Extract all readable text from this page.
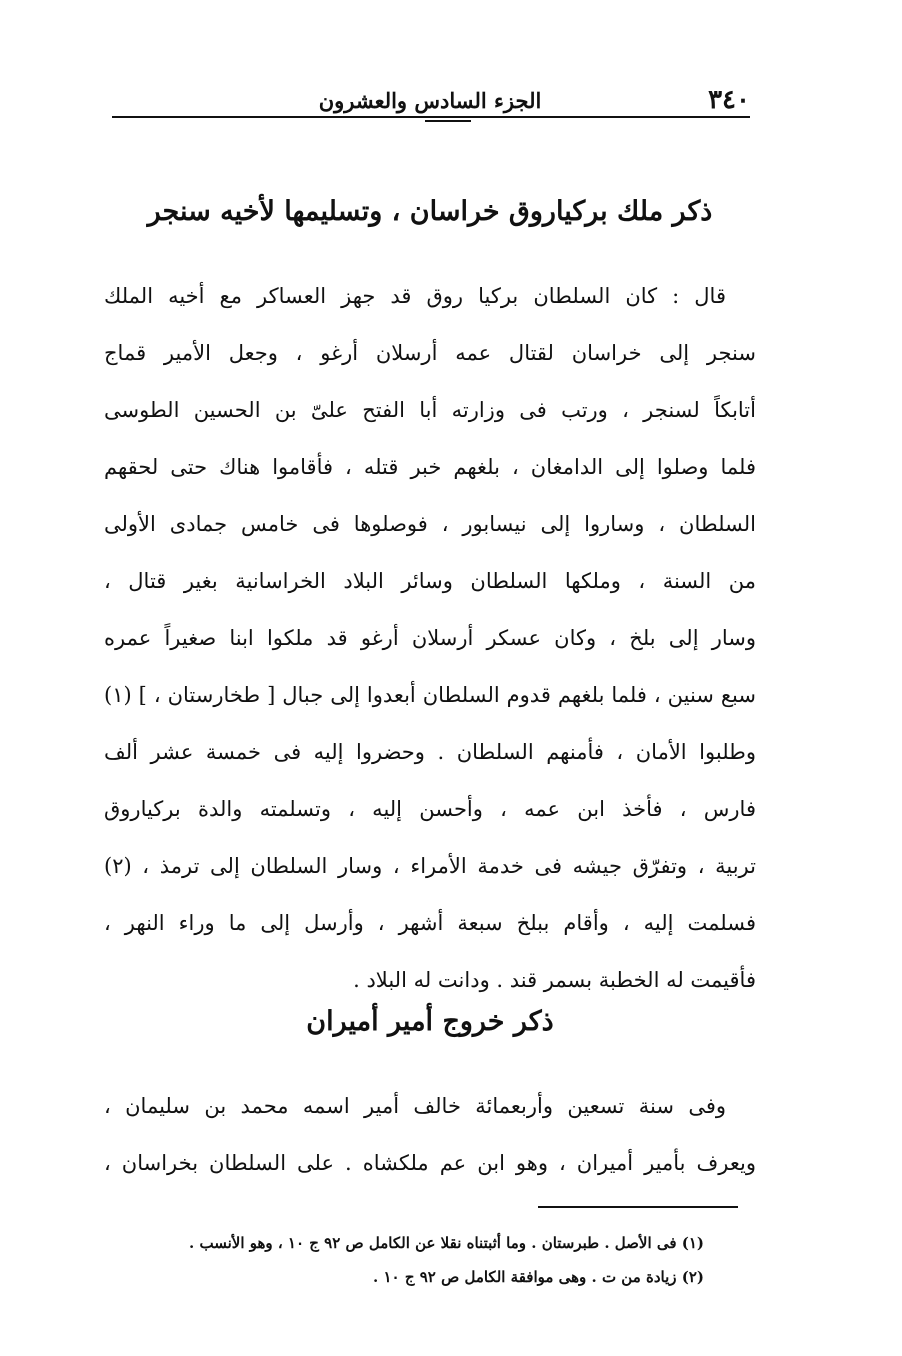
٣٤٠
الجزء السادس والعشرون
ذكر ملك بركياروق خراسان ، وتسليمها لأخيه سنجر
قال : كان السلطان بركيا روق قد جهز العساكر مع أخيه الملك
سنجر إلى خراسان لقتال عمه أرسلان أرغو ، وجعل الأمير قماج
أتابكاً لسنجر ، ورتب فى وزارته أبا الفتح علىّ بن الحسين الطوسى
فلما وصلوا إلى الدامغان ، بلغهم خبر قتله ، فأقاموا هناك حتى لحقهم
السلطان ، وساروا إلى نيسابور ، فوصلوها فى خامس جمادى الأولى
من السنة ، وملكها السلطان وسائر البلاد الخراسانية بغير قتال ،
وسار إلى بلخ ، وكان عسكر أرسلان أرغو قد ملكوا ابنا صغيراً عمره
سبع سنين ، فلما بلغهم قدوم السلطان أبعدوا إلى جبال [ طخارستان ، ] (١)
وطلبوا الأمان ، فأمنهم السلطان . وحضروا إليه فى خمسة عشر ألف
فارس ، فأخذ ابن عمه ، وأحسن إليه ، وتسلمته والدة بركياروق
تربية ، وتفرّق جيشه فى خدمة الأمراء ، وسار السلطان إلى ترمذ ، (٢)
فسلمت إليه ، وأقام ببلخ سبعة أشهر ، وأرسل إلى ما وراء النهر ،
فأقيمت له الخطبة بسمر قند . ودانت له البلاد .
ذكر خروج أمير أميران
وفى سنة تسعين وأربعمائة خالف أمير اسمه محمد بن سليمان ،
ويعرف بأمير أميران ، وهو ابن عم ملكشاه . على السلطان بخراسان ،
(١) فى الأصل . طبرستان . وما أثبتناه نقلا عن الكامل ص ٩٢ ج ١٠ ، وهو الأنسب .
(٢) زيادة من ت . وهى موافقة الكامل ص ٩٢ ج ١٠ .
